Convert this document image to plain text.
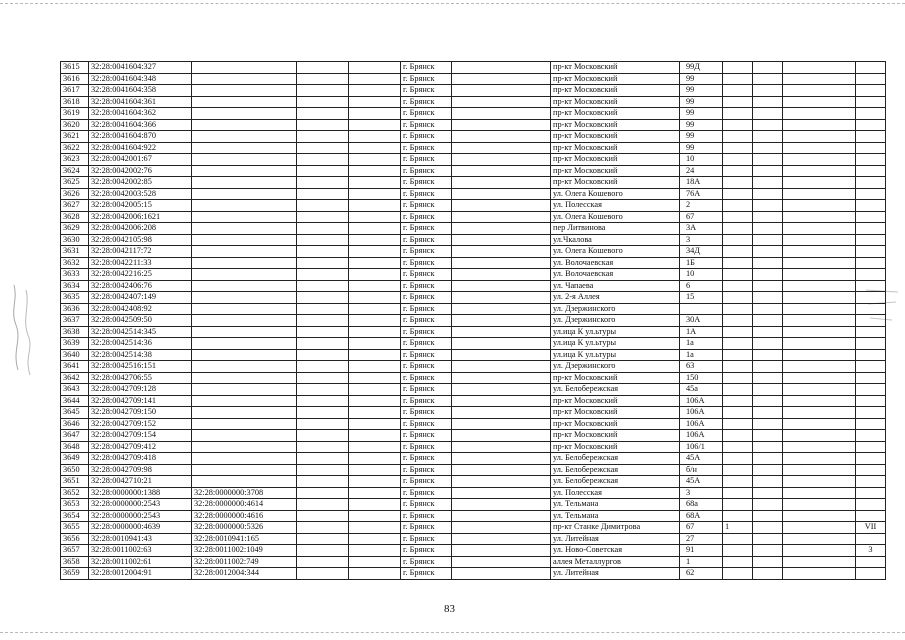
3615	32:28:0041604:327				г. Брянск		пр-кт Московский	99Д				
3616	32:28:0041604:348				г. Брянск		пр-кт Московский	99				
3617	32:28:0041604:358				г. Брянск		пр-кт Московский	99				
3618	32:28:0041604:361				г. Брянск		пр-кт Московский	99				
3619	32:28:0041604:362				г. Брянск		пр-кт Московский	99				
3620	32:28:0041604:366				г. Брянск		пр-кт Московский	99				
3621	32:28:0041604:870				г. Брянск		пр-кт Московский	99				
3622	32:28:0041604:922				г. Брянск		пр-кт Московский	99				
3623	32:28:0042001:67				г. Брянск		пр-кт Московский	10				
3624	32:28:0042002:76				г. Брянск		пр-кт Московский	24				
3625	32:28:0042002:85				г. Брянск		пр-кт Московский	18А				
3626	32:28:0042003:528				г. Брянск		ул. Олега Кошевого	76А				
3627	32:28:0042005:15				г. Брянск		ул. Полесская	2				
3628	32:28:0042006:1621				г. Брянск		ул. Олега Кошевого	67				
3629	32:28:0042006:208				г. Брянск		пер Литвинова	3А				
3630	32:28:0042105:98				г. Брянск		ул.Чкалова	3				
3631	32:28:0042117:72				г. Брянск		ул. Олега Кошевого	34Д				
3632	32:28:0042211:33				г. Брянск		ул. Волочаевская	1Б				
3633	32:28:0042216:25				г. Брянск		ул. Волочаевская	10				
3634	32:28:0042406:76				г. Брянск		ул. Чапаева	6				
3635	32:28:0042407:149				г. Брянск		ул. 2-я Аллея	15				
3636	32:28:0042408:92				г. Брянск		ул. Дзержинского					
3637	32:28:0042509:50				г. Брянск		ул. Дзержинского	30А				
3638	32:28:0042514:345				г. Брянск		ул.ица К ул.ьтуры	1А				
3639	32:28:0042514:36				г. Брянск		ул.ица К ул.ьтуры	1а				
3640	32:28:0042514:38				г. Брянск		ул.ица К ул.ьтуры	1а				
3641	32:28:0042516:151				г. Брянск		ул. Дзержинского	63				
3642	32:28:0042706:55				г. Брянск		пр-кт Московский	150				
3643	32:28:0042709:128				г. Брянск		ул. Белобережская	45а				
3644	32:28:0042709:141				г. Брянск		пр-кт Московский	106А				
3645	32:28:0042709:150				г. Брянск		пр-кт Московский	106А				
3646	32:28:0042709:152				г. Брянск		пр-кт Московский	106А				
3647	32:28:0042709:154				г. Брянск		пр-кт Московский	106А				
3648	32:28:0042709:412				г. Брянск		пр-кт Московский	106/1				
3649	32:28:0042709:418				г. Брянск		ул. Белобережская	45А				
3650	32:28:0042709:98				г. Брянск		ул. Белобережская	б/н				
3651	32:28:0042710:21				г. Брянск		ул. Белобережская	45А				
3652	32:28:0000000:1388	32:28:0000000:3708			г. Брянск		ул. Полесская	3				
3653	32:28:0000000:2543	32:28:0000000:4614			г. Брянск		ул. Тельмана	68а				
3654	32:28:0000000:2543	32:28:0000000:4616			г. Брянск		ул. Тельмана	68А				
3655	32:28:0000000:4639	32:28:0000000:5326			г. Брянск		пр-кт Станке Димитрова	67	1			VII
3656	32:28:0010941:43	32:28:0010941:165			г. Брянск		ул. Литейная	27				
3657	32:28:0011002:63	32:28:0011002:1049			г. Брянск		ул. Ново-Советская	91				3
3658	32:28:0011002:61	32:28:0011002:749			г. Брянск		аллея Металлургов	1				
3659	32:28:0012004:91	32:28:0012004:344			г. Брянск		ул. Литейная	62				
83
